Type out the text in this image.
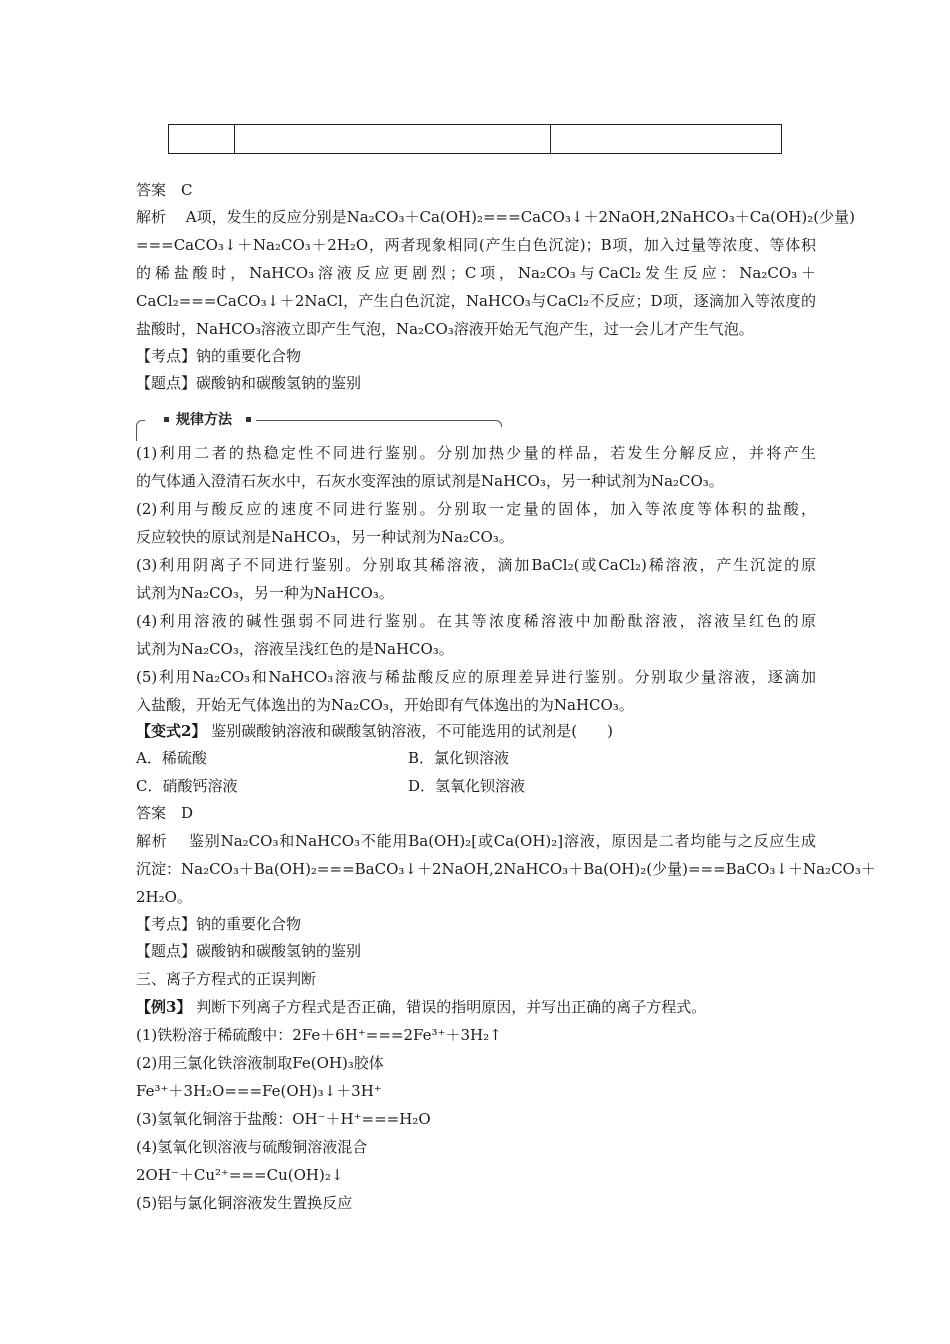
答案　C
解析　 A项，发生的反应分别是Na₂CO₃＋Ca(OH)₂===CaCO₃↓＋2NaOH,2NaHCO₃＋Ca(OH)₂(少量)
===CaCO₃↓＋Na₂CO₃＋2H₂O，两者现象相同(产生白色沉淀)；B项，加入过量等浓度、等体积
的稀盐酸时，NaHCO₃溶液反应更剧烈；C项，Na₂CO₃与CaCl₂发生反应：Na₂CO₃＋
CaCl₂===CaCO₃↓＋2NaCl，产生白色沉淀，NaHCO₃与CaCl₂不反应；D项，逐滴加入等浓度的
盐酸时，NaHCO₃溶液立即产生气泡，Na₂CO₃溶液开始无气泡产生，过一会儿才产生气泡。
【考点】钠的重要化合物
【题点】碳酸钠和碳酸氢钠的鉴别
规律方法
(1)利用二者的热稳定性不同进行鉴别。分别加热少量的样品，若发生分解反应，并将产生
的气体通入澄清石灰水中，石灰水变浑浊的原试剂是NaHCO₃，另一种试剂为Na₂CO₃。
(2)利用与酸反应的速度不同进行鉴别。分别取一定量的固体，加入等浓度等体积的盐酸，
反应较快的原试剂是NaHCO₃，另一种试剂为Na₂CO₃。
(3)利用阴离子不同进行鉴别。分别取其稀溶液，滴加BaCl₂(或CaCl₂)稀溶液，产生沉淀的原
试剂为Na₂CO₃，另一种为NaHCO₃。
(4)利用溶液的碱性强弱不同进行鉴别。在其等浓度稀溶液中加酚酞溶液，溶液呈红色的原
试剂为Na₂CO₃，溶液呈浅红色的是NaHCO₃。
(5)利用Na₂CO₃和NaHCO₃溶液与稀盐酸反应的原理差异进行鉴别。分别取少量溶液，逐滴加
入盐酸，开始无气体逸出的为Na₂CO₃，开始即有气体逸出的为NaHCO₃。
【变式2】 鉴别碳酸钠溶液和碳酸氢钠溶液，不可能选用的试剂是(　　)
A．稀硫酸	B．氯化钡溶液
C．硝酸钙溶液	D．氢氧化钡溶液
答案　D
解析　 鉴别Na₂CO₃和NaHCO₃不能用Ba(OH)₂[或Ca(OH)₂]溶液，原因是二者均能与之反应生成
沉淀：Na₂CO₃＋Ba(OH)₂===BaCO₃↓＋2NaOH,2NaHCO₃＋Ba(OH)₂(少量)===BaCO₃↓＋Na₂CO₃＋
2H₂O。
【考点】钠的重要化合物
【题点】碳酸钠和碳酸氢钠的鉴别
三、离子方程式的正误判断
【例3】 判断下列离子方程式是否正确，错误的指明原因，并写出正确的离子方程式。
(1)铁粉溶于稀硫酸中：2Fe＋6H⁺===2Fe³⁺＋3H₂↑
(2)用三氯化铁溶液制取Fe(OH)₃胶体
Fe³⁺＋3H₂O===Fe(OH)₃↓＋3H⁺
(3)氢氧化铜溶于盐酸：OH⁻＋H⁺===H₂O
(4)氢氧化钡溶液与硫酸铜溶液混合
2OH⁻＋Cu²⁺===Cu(OH)₂↓
(5)铝与氯化铜溶液发生置换反应
